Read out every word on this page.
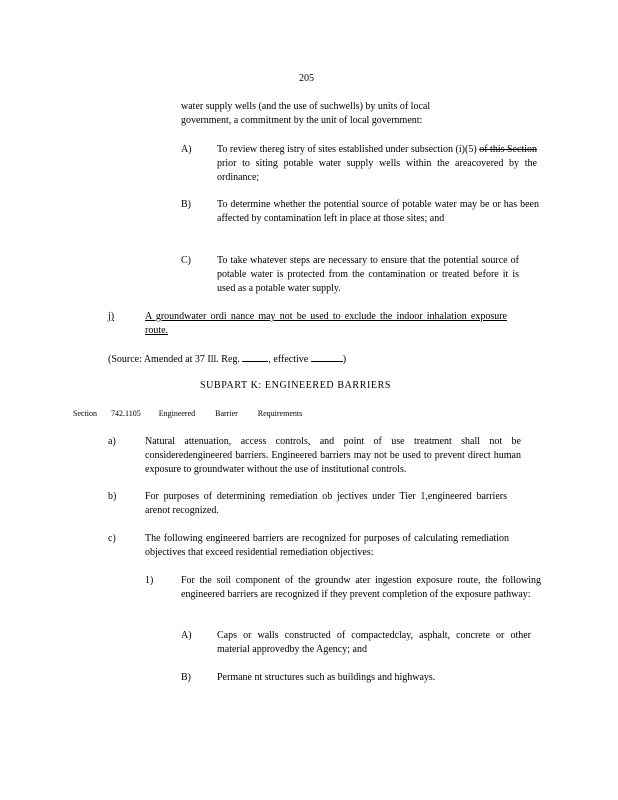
205
water supply wells (and the use of suchwells) by units of local
government, a commitment by the unit of local government:
A)	To review thereg istry of sites established under subsection (i)(5) of this Section prior to siting potable water supply wells within the areacovered by the ordinance;
B)	To determine whether the potential source of potable water may be or has been affected by contamination left in place at those sites; and
C)	To take whatever steps are necessary to ensure that the potential source of potable water is protected from the contamination or treated before it is used as a potable water supply.
j)	A groundwater ordi nance may not be used to exclude the indoor inhalation exposure route.
(Source: Amended at 37 Ill. Reg.	, effective	)
SUBPART K: ENGINEERED BARRIERS
Section 742.1105 Engineered Barrier Requirements
a)	Natural attenuation, access controls, and point of use treatment shall not be consideredengineered barriers. Engineered barriers may not be used to prevent direct human exposure to groundwater without the use of institutional controls.
b)	For purposes of determining remediation ob jectives under Tier 1,engineered barriers arenot recognized.
c)	The following engineered barriers are recognized for purposes of calculating remediation objectives that exceed residential remediation objectives:
1)	For the soil component of the groundw ater ingestion exposure route, the following engineered barriers are recognized if they prevent completion of the exposure pathway:
A)	Caps or walls constructed of compactedclay, asphalt, concrete or other material approvedby the Agency; and
B)	Permane nt structures such as buildings and highways.
